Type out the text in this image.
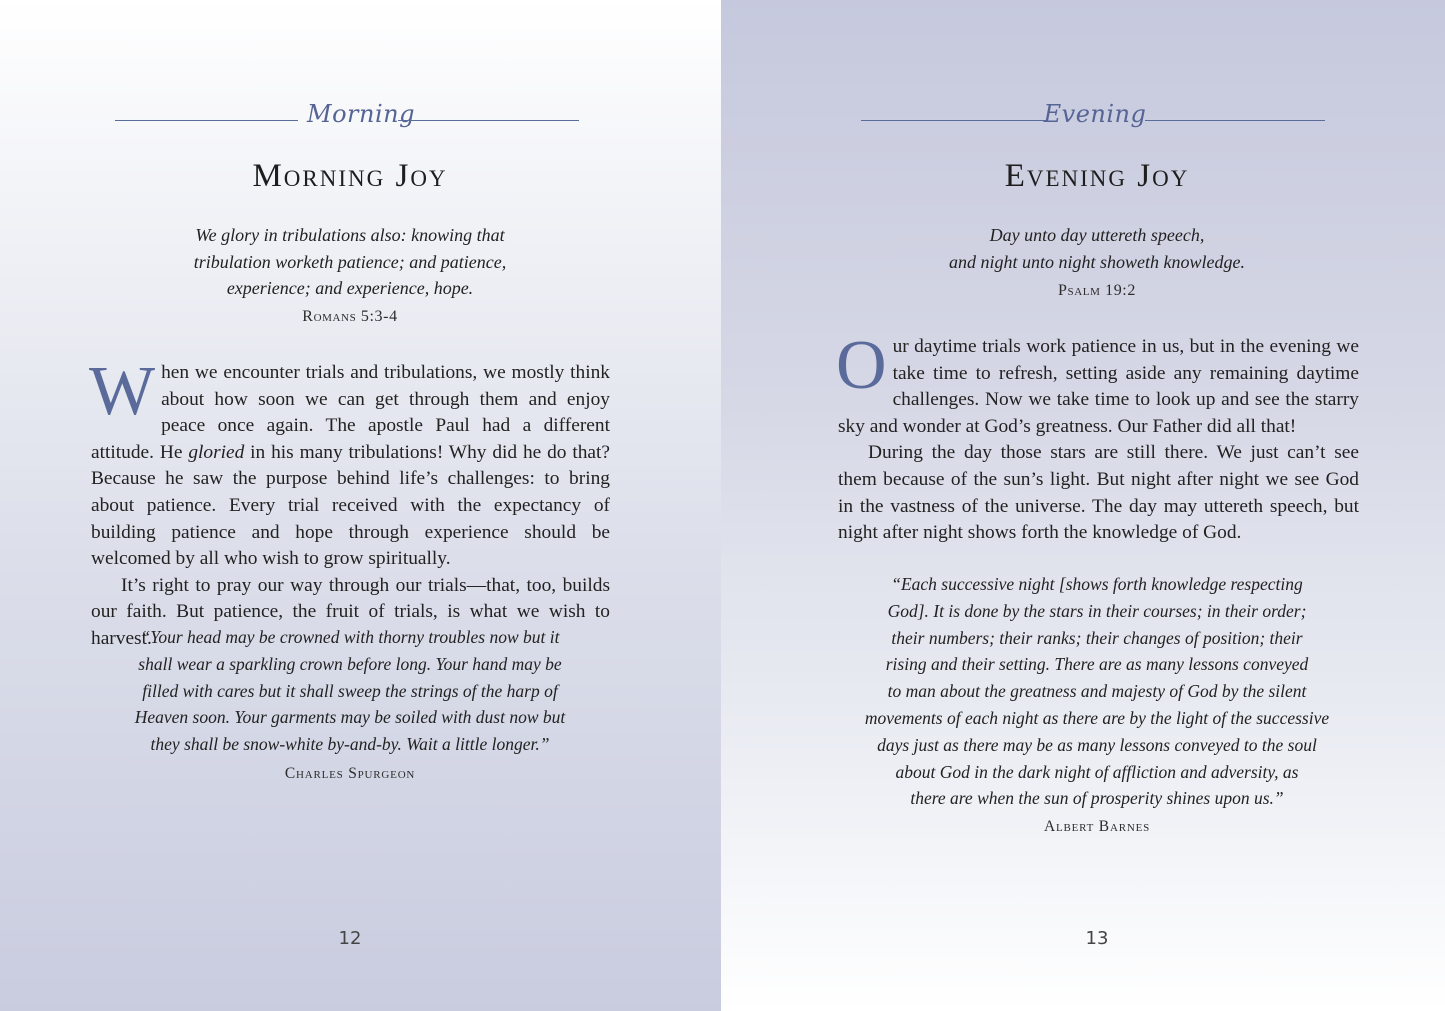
Morning
Morning Joy
We glory in tribulations also: knowing that
tribulation worketh patience; and patience,
experience; and experience, hope.
Romans 5:3-4

When we encounter trials and tribulations, we mostly think about how soon we can get through them and enjoy peace once again. The apostle Paul had a different attitude. He gloried in his many tribulations! Why did he do that? Because he saw the purpose behind life’s challenges: to bring about patience. Every trial received with the expectancy of building patience and hope through experience should be welcomed by all who wish to grow spiritually.

It’s right to pray our way through our trials—that, too, builds our faith. But patience, the fruit of trials, is what we wish to harvest.

“Your head may be crowned with thorny troubles now but it
shall wear a sparkling crown before long. Your hand may be
filled with cares but it shall sweep the strings of the harp of
Heaven soon. Your garments may be soiled with dust now but
they shall be snow-white by-and-by. Wait a little longer.”
Charles Spurgeon
12
Evening
Evening Joy
Day unto day uttereth speech,
and night unto night showeth knowledge.
Psalm 19:2

Our daytime trials work patience in us, but in the evening we take time to refresh, setting aside any remaining daytime challenges. Now we take time to look up and see the starry sky and wonder at God’s greatness. Our Father did all that!

During the day those stars are still there. We just can’t see them because of the sun’s light. But night after night we see God in the vastness of the universe. The day may uttereth speech, but night after night shows forth the knowledge of God.

“Each successive night [shows forth knowledge respecting
God]. It is done by the stars in their courses; in their order;
their numbers; their ranks; their changes of position; their
rising and their setting. There are as many lessons conveyed
to man about the greatness and majesty of God by the silent
movements of each night as there are by the light of the successive
days just as there may be as many lessons conveyed to the soul
about God in the dark night of affliction and adversity, as
there are when the sun of prosperity shines upon us.”
Albert Barnes
13
